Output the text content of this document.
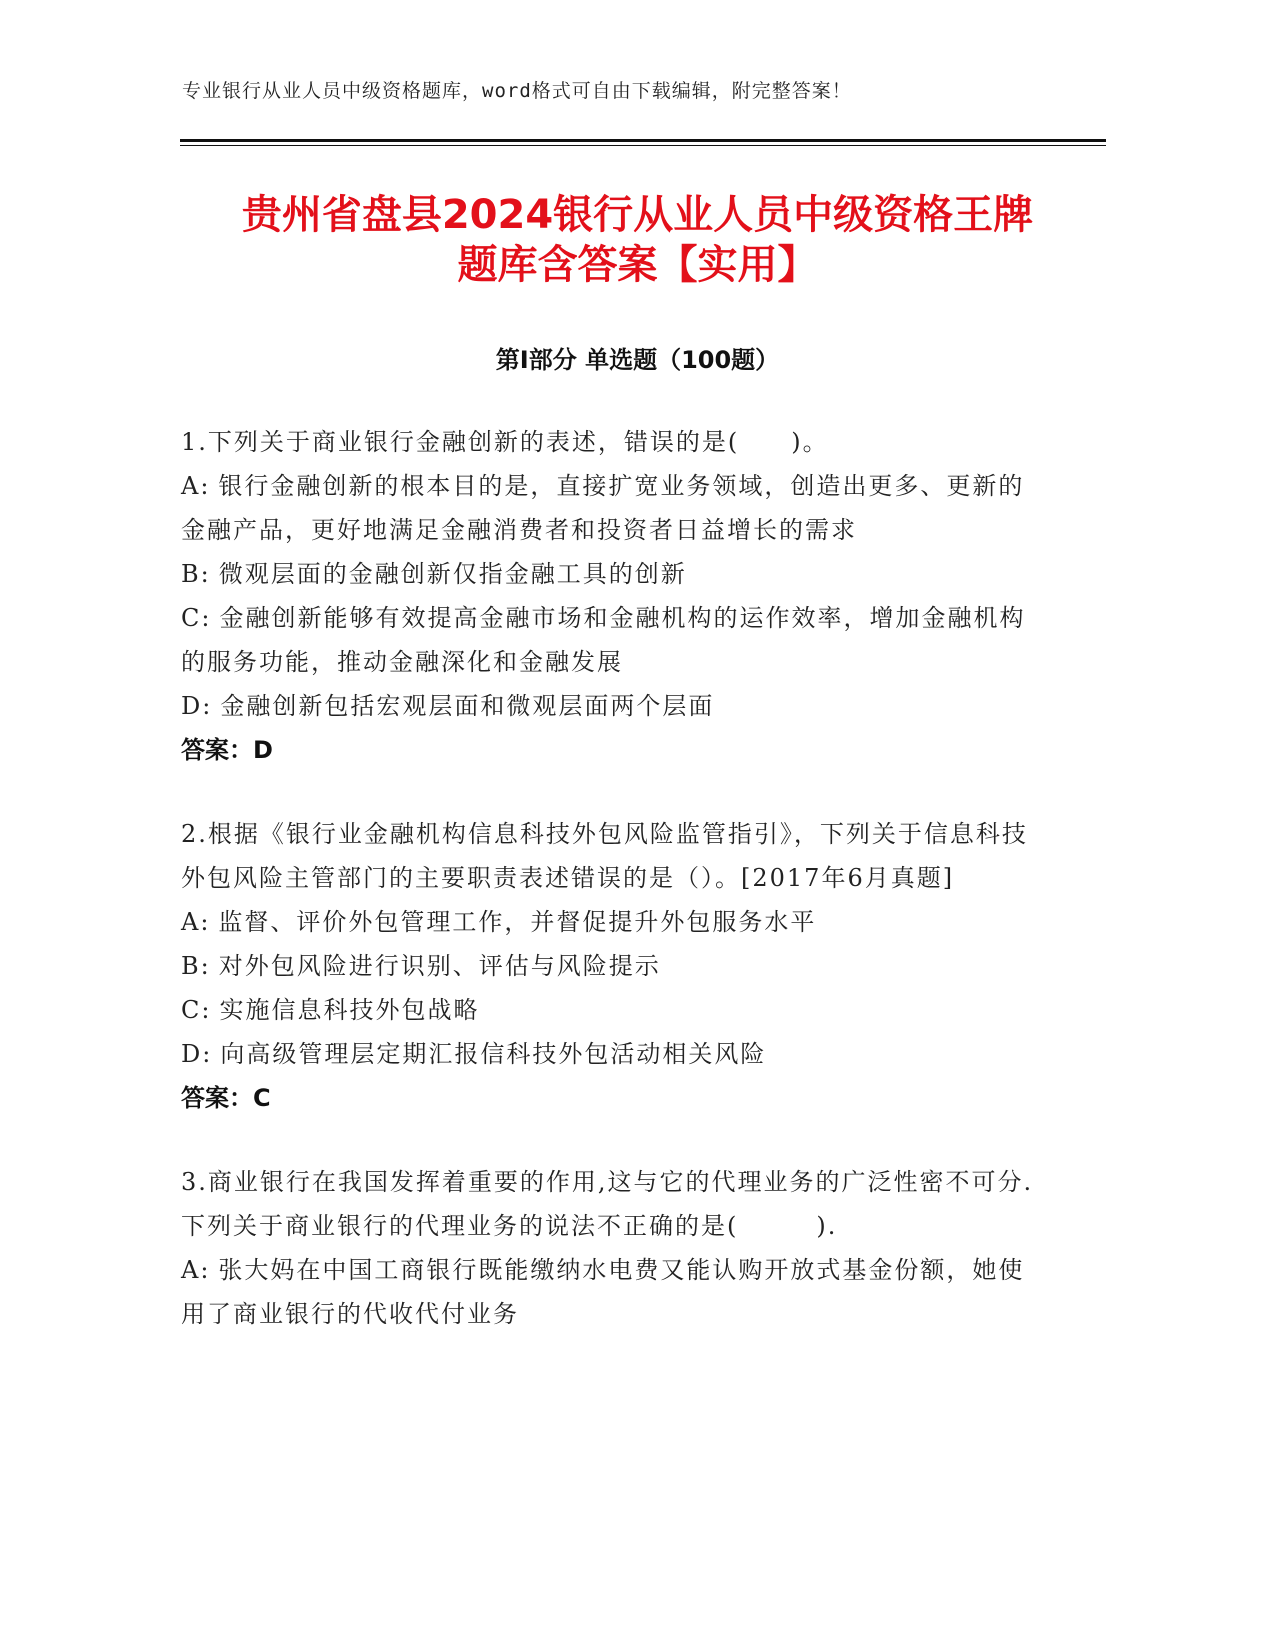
专业银行从业人员中级资格题库，word格式可自由下载编辑，附完整答案！
贵州省盘县2024银行从业人员中级资格王牌
题库含答案【实用】
第Ⅰ部分 单选题（100题）
1.下列关于商业银行金融创新的表述，错误的是(　　)。
A: 银行金融创新的根本目的是，直接扩宽业务领域，创造出更多、更新的金融产品，更好地满足金融消费者和投资者日益增长的需求
B: 微观层面的金融创新仅指金融工具的创新
C: 金融创新能够有效提高金融市场和金融机构的运作效率，增加金融机构的服务功能，推动金融深化和金融发展
D: 金融创新包括宏观层面和微观层面两个层面
答案：D
2.根据《银行业金融机构信息科技外包风险监管指引》，下列关于信息科技外包风险主管部门的主要职责表述错误的是（）。[2017年6月真题]
A: 监督、评价外包管理工作，并督促提升外包服务水平
B: 对外包风险进行识别、评估与风险提示
C: 实施信息科技外包战略
D: 向高级管理层定期汇报信科技外包活动相关风险
答案：C
3.商业银行在我国发挥着重要的作用,这与它的代理业务的广泛性密不可分.下列关于商业银行的代理业务的说法不正确的是(　　　).
A: 张大妈在中国工商银行既能缴纳水电费又能认购开放式基金份额，她使用了商业银行的代收代付业务
